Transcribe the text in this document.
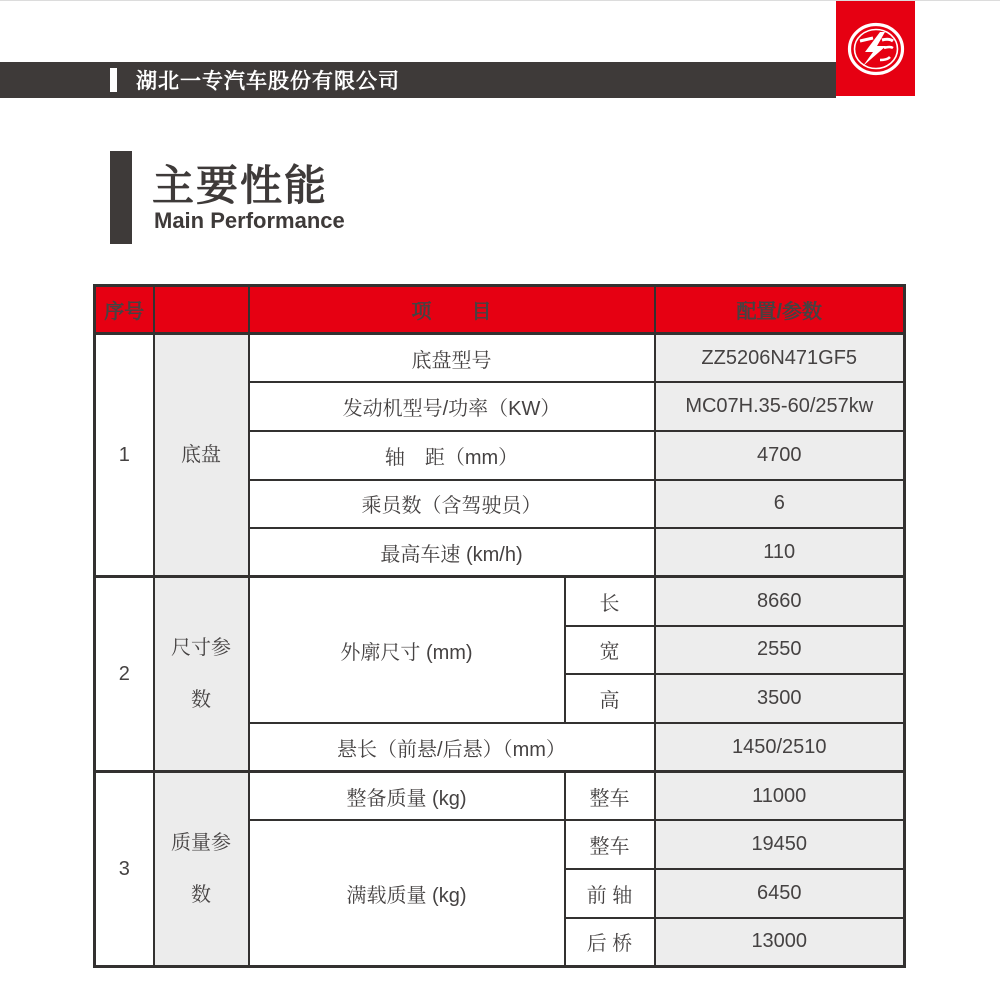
湖北一专汽车股份有限公司
主要性能
Main Performance
序号		项　　目		配置/参数
1	底盘	底盘型号		ZZ5206N471GF5
		发动机型号/功率（KW）		MC07H.35-60/257kw
		轴　距（mm）		4700
		乘员数（含驾驶员）		6
		最高车速 (km/h)		110
2	尺寸参数	外廓尺寸 (mm)	长	8660
			宽	2550
			高	3500
		悬长（前悬/后悬）（mm）		1450/2510
3	质量参数	整备质量 (kg)	整车	11000
		满载质量 (kg)	整车	19450
			前 轴	6450
			后 桥	13000
